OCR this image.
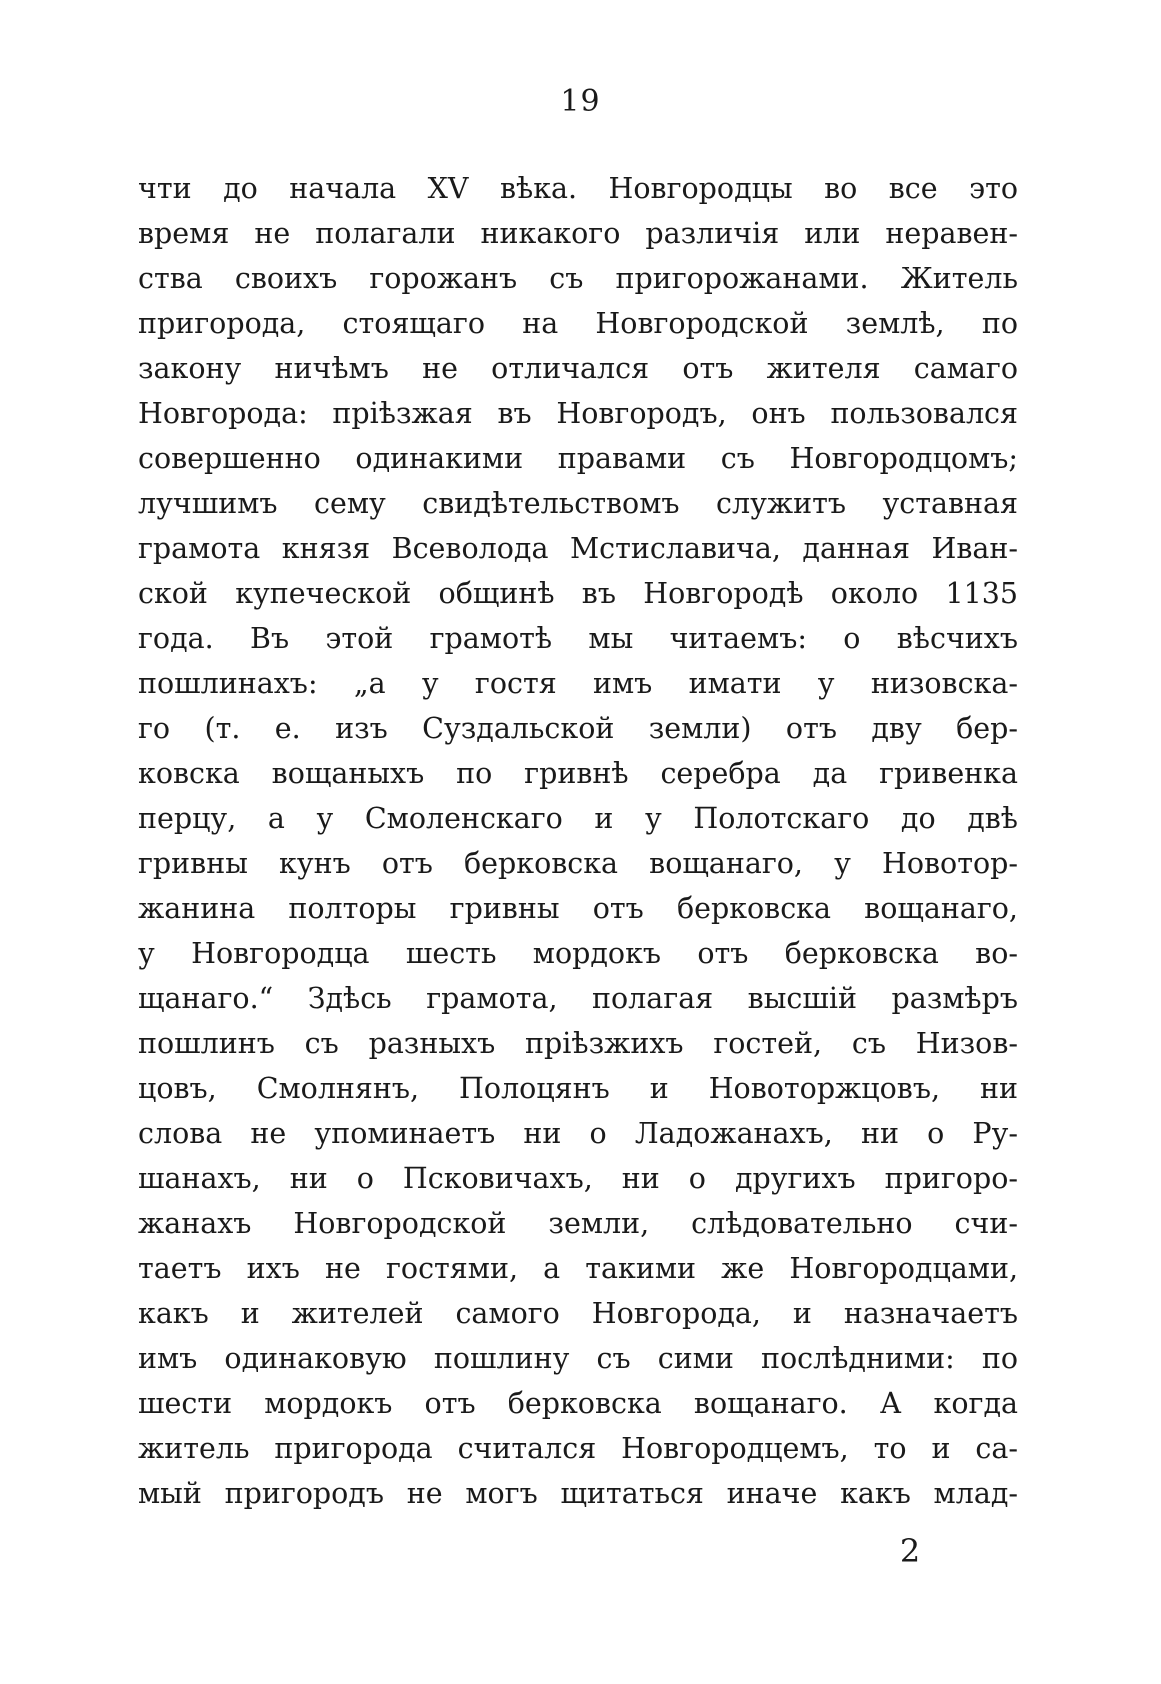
19
чти до начала XV вѣка. Новгородцы во все это
время не полагали никакого различія или неравен-
ства своихъ горожанъ съ пригорожанами. Житель
пригорода, стоящаго на Новгородской землѣ, по
закону ничѣмъ не отличался отъ жителя самаго
Новгорода: пріѣзжая въ Новгородъ, онъ пользовался
совершенно одинакими правами съ Новгородцомъ;
лучшимъ сему свидѣтельствомъ служитъ уставная
грамота князя Всеволода Мстиславича, данная Иван-
ской купеческой общинѣ въ Новгородѣ около 1135
года. Въ этой грамотѣ мы читаемъ: о вѣсчихъ
пошлинахъ: „а у гостя имъ имати у низовска-
го (т. е. изъ Суздальской земли) отъ дву бер-
ковска вощаныхъ по гривнѣ серебра да гривенка
перцу, а у Смоленскаго и у Полотскаго до двѣ
гривны кунъ отъ берковска вощанаго, у Новотор-
жанина полторы гривны отъ берковска вощанаго,
у Новгородца шесть мордокъ отъ берковска во-
щанаго.“ Здѣсь грамота, полагая высшій размѣръ
пошлинъ съ разныхъ пріѣзжихъ гостей, съ Низов-
цовъ, Смолнянъ, Полоцянъ и Новоторжцовъ, ни
слова не упоминаетъ ни о Ладожанахъ, ни о Ру-
шанахъ, ни о Псковичахъ, ни о другихъ пригоро-
жанахъ Новгородской земли, слѣдовательно счи-
таетъ ихъ не гостями, а такими же Новгородцами,
какъ и жителей самого Новгорода, и назначаетъ
имъ одинаковую пошлину съ сими послѣдними: по
шести мордокъ отъ берковска вощанаго. А когда
житель пригорода считался Новгородцемъ, то и са-
мый пригородъ не могъ щитаться иначе какъ млад-
2
